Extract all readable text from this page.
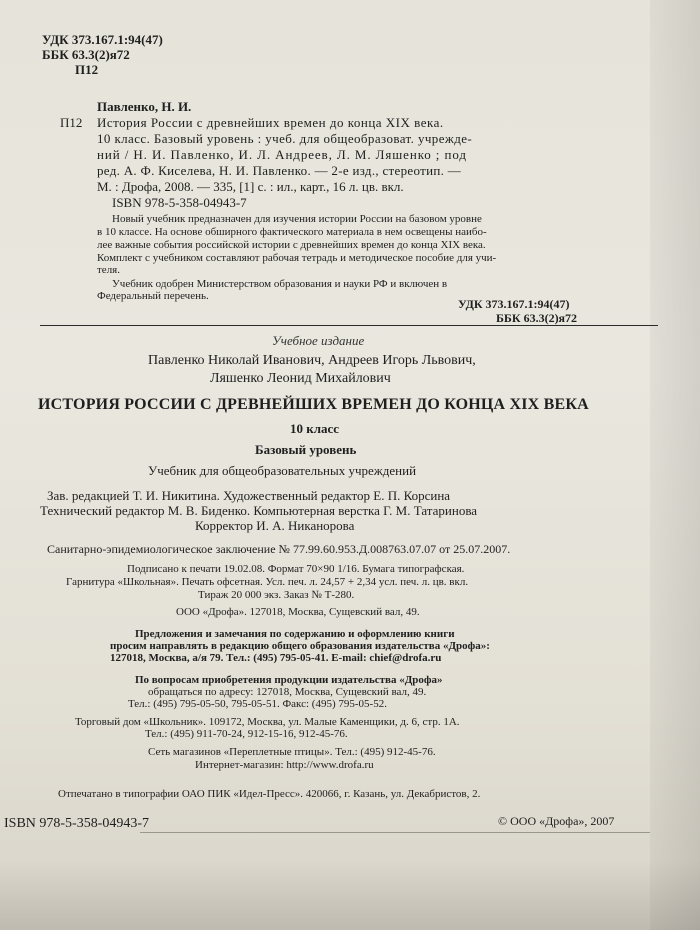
УДК 373.167.1:94(47)
ББК 63.3(2)я72
П12
Павленко, Н. И.
П12 История России с древнейших времен до конца XIX века.
10 класс. Базовый уровень : учеб. для общеобразоват. учрежде-
ний / Н. И. Павленко, И. Л. Андреев, Л. М. Ляшенко ; под
ред. А. Ф. Киселева, Н. И. Павленко. — 2-е изд., стереотип. —
М. : Дрофа, 2008. — 335, [1] с. : ил., карт., 16 л. цв. вкл.
ISBN 978-5-358-04943-7
Новый учебник предназначен для изучения истории России на базовом уровне
в 10 классе. На основе обширного фактического материала в нем освещены наибо-
лее важные события российской истории с древнейших времен до конца XIX века.
Комплект с учебником составляют рабочая тетрадь и методическое пособие для учи-
теля.
Учебник одобрен Министерством образования и науки РФ и включен в
Федеральный перечень.
УДК 373.167.1:94(47)
ББК 63.3(2)я72
Учебное издание
Павленко Николай Иванович, Андреев Игорь Львович,
Ляшенко Леонид Михайлович
ИСТОРИЯ РОССИИ С ДРЕВНЕЙШИХ ВРЕМЕН ДО КОНЦА XIX ВЕКА
10 класс
Базовый уровень
Учебник для общеобразовательных учреждений
Зав. редакцией Т. И. Никитина. Художественный редактор Е. П. Корсина
Технический редактор М. В. Биденко. Компьютерная верстка Г. М. Татаринова
Корректор И. А. Никанорова
Санитарно-эпидемиологическое заключение № 77.99.60.953.Д.008763.07.07 от 25.07.2007.
Подписано к печати 19.02.08. Формат 70×90 1/16. Бумага типографская.
Гарнитура «Школьная». Печать офсетная. Усл. печ. л. 24,57 + 2,34 усл. печ. л. цв. вкл.
Тираж 20 000 экз. Заказ № Т-280.
ООО «Дрофа». 127018, Москва, Сущевский вал, 49.
Предложения и замечания по содержанию и оформлению книги
просим направлять в редакцию общего образования издательства «Дрофа»:
127018, Москва, а/я 79. Тел.: (495) 795-05-41. E-mail: chief@drofa.ru
По вопросам приобретения продукции издательства «Дрофа»
обращаться по адресу: 127018, Москва, Сущевский вал, 49.
Тел.: (495) 795-05-50, 795-05-51. Факс: (495) 795-05-52.
Торговый дом «Школьник». 109172, Москва, ул. Малые Каменщики, д. 6, стр. 1А.
Тел.: (495) 911-70-24, 912-15-16, 912-45-76.
Сеть магазинов «Переплетные птицы». Тел.: (495) 912-45-76.
Интернет-магазин: http://www.drofa.ru
Отпечатано в типографии ОАО ПИК «Идел-Пресс». 420066, г. Казань, ул. Декабристов, 2.
ISBN 978-5-358-04943-7	© ООО «Дрофа», 2007
